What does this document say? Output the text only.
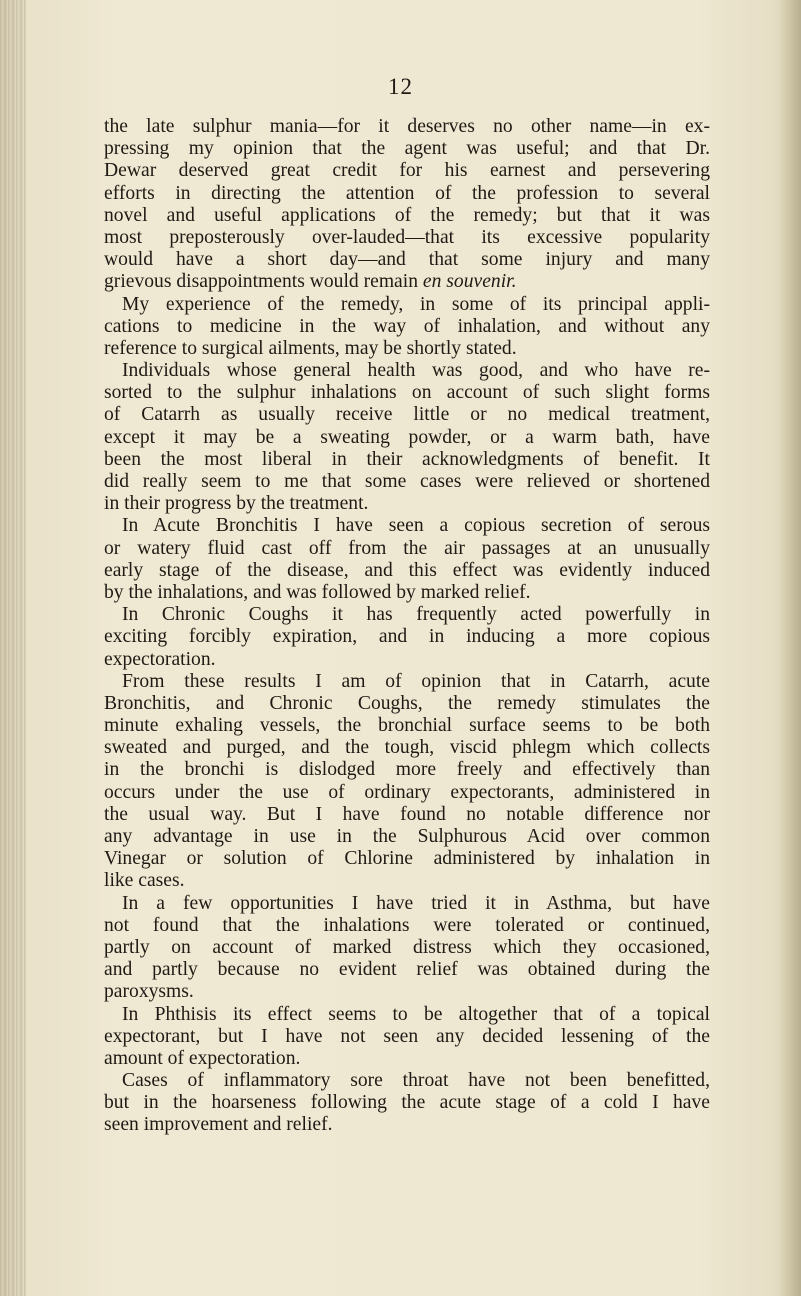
12
the late sulphur mania—for it deserves no other name—in ex-
pressing my opinion that the agent was useful; and that Dr.
Dewar deserved great credit for his earnest and persevering
efforts in directing the attention of the profession to several
novel and useful applications of the remedy; but that it was
most preposterously over-lauded—that its excessive popularity
would have a short day—and that some injury and many
grievous disappointments would remain en souvenir.
My experience of the remedy, in some of its principal appli-
cations to medicine in the way of inhalation, and without any
reference to surgical ailments, may be shortly stated.
Individuals whose general health was good, and who have re-
sorted to the sulphur inhalations on account of such slight forms
of Catarrh as usually receive little or no medical treatment,
except it may be a sweating powder, or a warm bath, have
been the most liberal in their acknowledgments of benefit. It
did really seem to me that some cases were relieved or shortened
in their progress by the treatment.
In Acute Bronchitis I have seen a copious secretion of serous
or watery fluid cast off from the air passages at an unusually
early stage of the disease, and this effect was evidently induced
by the inhalations, and was followed by marked relief.
In Chronic Coughs it has frequently acted powerfully in
exciting forcibly expiration, and in inducing a more copious
expectoration.
From these results I am of opinion that in Catarrh, acute
Bronchitis, and Chronic Coughs, the remedy stimulates the
minute exhaling vessels, the bronchial surface seems to be both
sweated and purged, and the tough, viscid phlegm which collects
in the bronchi is dislodged more freely and effectively than
occurs under the use of ordinary expectorants, administered in
the usual way. But I have found no notable difference nor
any advantage in use in the Sulphurous Acid over common
Vinegar or solution of Chlorine administered by inhalation in
like cases.
In a few opportunities I have tried it in Asthma, but have
not found that the inhalations were tolerated or continued,
partly on account of marked distress which they occasioned,
and partly because no evident relief was obtained during the
paroxysms.
In Phthisis its effect seems to be altogether that of a topical
expectorant, but I have not seen any decided lessening of the
amount of expectoration.
Cases of inflammatory sore throat have not been benefitted,
but in the hoarseness following the acute stage of a cold I have
seen improvement and relief.
